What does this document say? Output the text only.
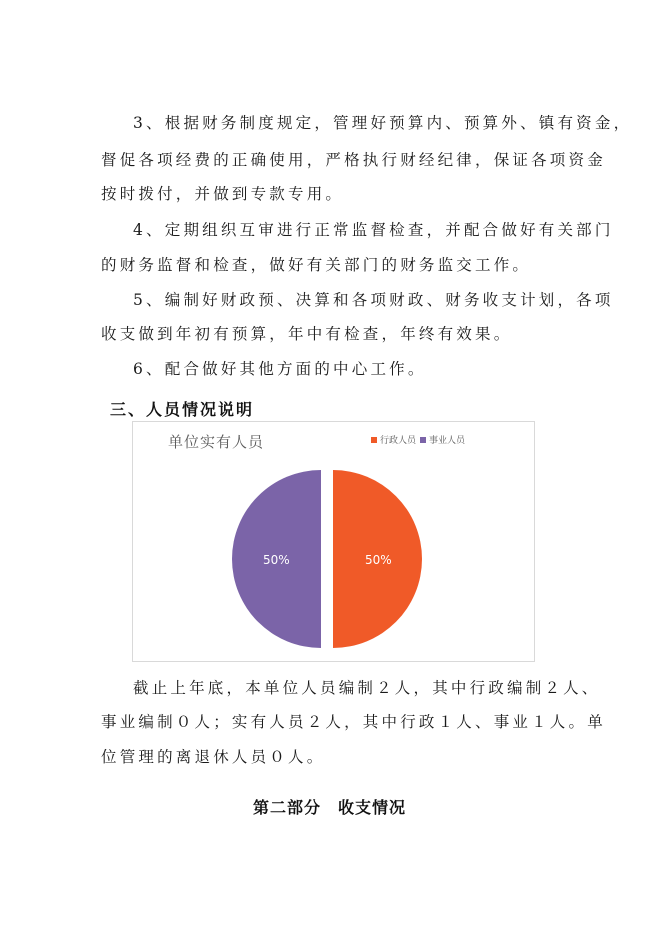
3、根据财务制度规定，管理好预算内、预算外、镇有资金，
督促各项经费的正确使用，严格执行财经纪律，保证各项资金
按时拨付，并做到专款专用。
4、定期组织互审进行正常监督检查，并配合做好有关部门
的财务监督和检查，做好有关部门的财务监交工作。
5、编制好财政预、决算和各项财政、财务收支计划，各项
收支做到年初有预算，年中有检查，年终有效果。
6、配合做好其他方面的中心工作。
三、人员情况说明
单位实有人员	行政人员 事业人员
50%
50%
截止上年底，本单位人员编制２人，其中行政编制２人、
事业编制０人；实有人员２人，其中行政１人、事业１人。单
位管理的离退休人员０人。
第二部分　收支情况
